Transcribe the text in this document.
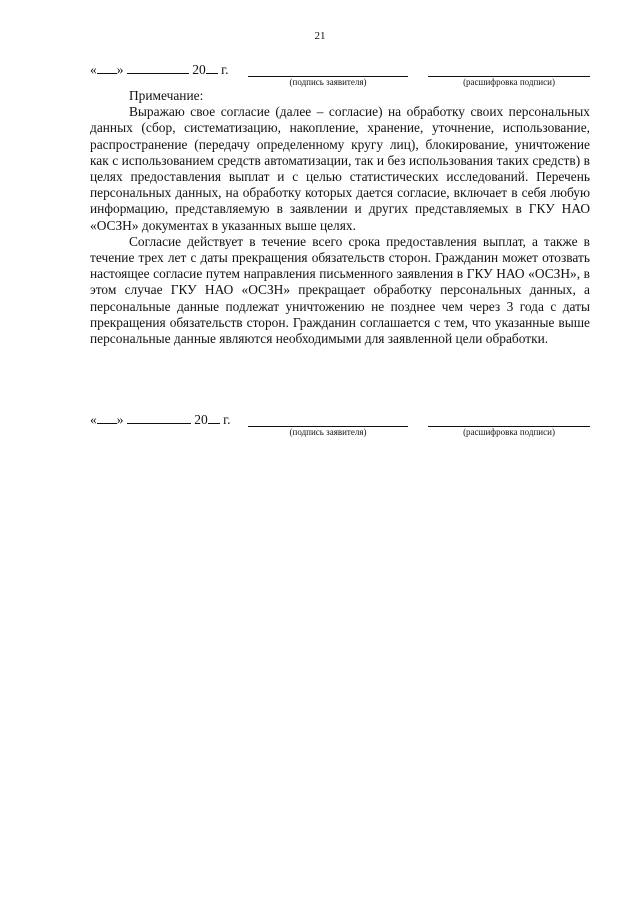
21
« »	20 г.
(подпись заявителя)	(расшифровка подписи)

Примечание:

Выражаю свое согласие (далее – согласие) на обработку своих персональных данных (сбор, систематизацию, накопление, хранение, уточнение, использование, распространение (передачу определенному кругу лиц), блокирование, уничтожение как с использованием средств автоматизации, так и без использования таких средств) в целях предоставления выплат и с целью статистических исследований. Перечень персональных данных, на обработку которых дается согласие, включает в себя любую информацию, представляемую в заявлении и других представляемых в ГКУ НАО «ОСЗН» документах в указанных выше целях.

Согласие действует в течение всего срока предоставления выплат, а также в течение трех лет с даты прекращения обязательств сторон. Гражданин может отозвать настоящее согласие путем направления письменного заявления в ГКУ НАО «ОСЗН», в этом случае ГКУ НАО «ОСЗН» прекращает обработку персональных данных, а персональные данные подлежат уничтожению не позднее чем через 3 года с даты прекращения обязательств сторон. Гражданин соглашается с тем, что указанные выше персональные данные являются необходимыми для заявленной цели обработки.

« »	20 г.
(подпись заявителя)	(расшифровка подписи)
